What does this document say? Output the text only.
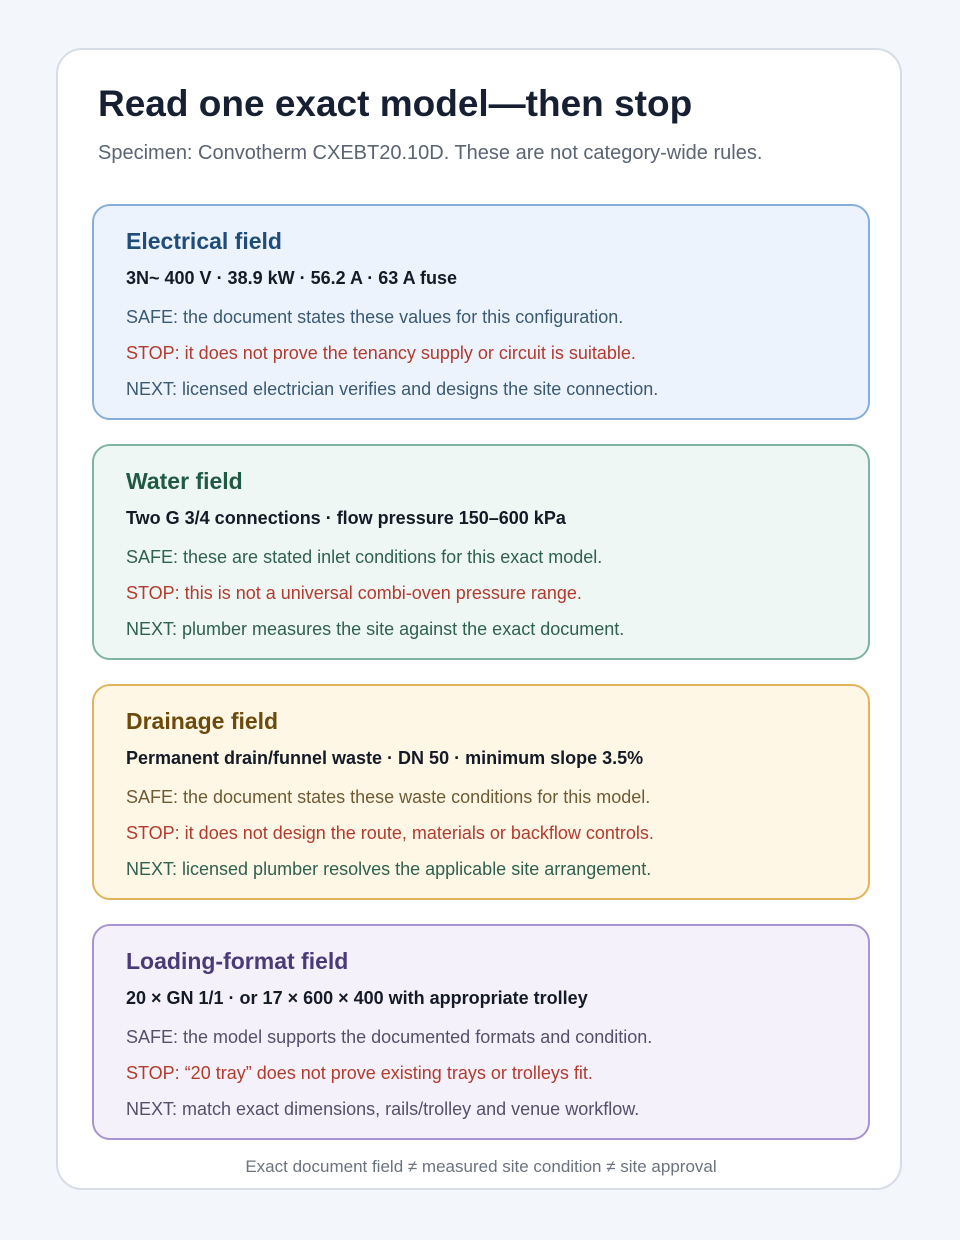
Read one exact model—then stop

Specimen: Convotherm CXEBT20.10D. These are not category-wide rules.

Electrical field

3N~ 400 V · 38.9 kW · 56.2 A · 63 A fuse

SAFE: the document states these values for this configuration.

STOP: it does not prove the tenancy supply or circuit is suitable.

NEXT: licensed electrician verifies and designs the site connection.

Water field

Two G 3/4 connections · flow pressure 150–600 kPa

SAFE: these are stated inlet conditions for this exact model.

STOP: this is not a universal combi-oven pressure range.

NEXT: plumber measures the site against the exact document.

Drainage field

Permanent drain/funnel waste · DN 50 · minimum slope 3.5%

SAFE: the document states these waste conditions for this model.

STOP: it does not design the route, materials or backflow controls.

NEXT: licensed plumber resolves the applicable site arrangement.

Loading-format field

20 × GN 1/1 · or 17 × 600 × 400 with appropriate trolley

SAFE: the model supports the documented formats and condition.

STOP: “20 tray” does not prove existing trays or trolleys fit.

NEXT: match exact dimensions, rails/trolley and venue workflow.

Exact document field ≠ measured site condition ≠ site approval
